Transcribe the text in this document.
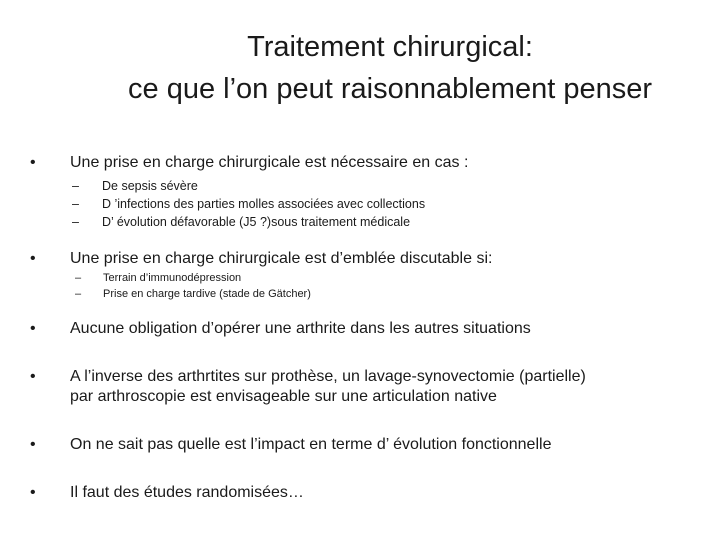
Traitement chirurgical:
ce que l’on peut raisonnablement penser
•	Une prise en charge chirurgicale est nécessaire en cas :
– De sepsis sévère
– D ’infections des parties molles associées avec collections
– D’ évolution défavorable (J5 ?)sous traitement médicale
•	Une prise en charge chirurgicale est d’emblée discutable si:
– Terrain d’immunodépression
– Prise en charge tardive (stade de Gätcher)
•	Aucune obligation d’opérer une arthrite dans les autres situations
•	A l’inverse des arthrtites sur prothèse, un lavage-synovectomie (partielle)
par arthroscopie est envisageable sur une articulation native
•	On ne sait pas quelle est l’impact en terme d’ évolution fonctionnelle
•	Il faut des études randomisées…
